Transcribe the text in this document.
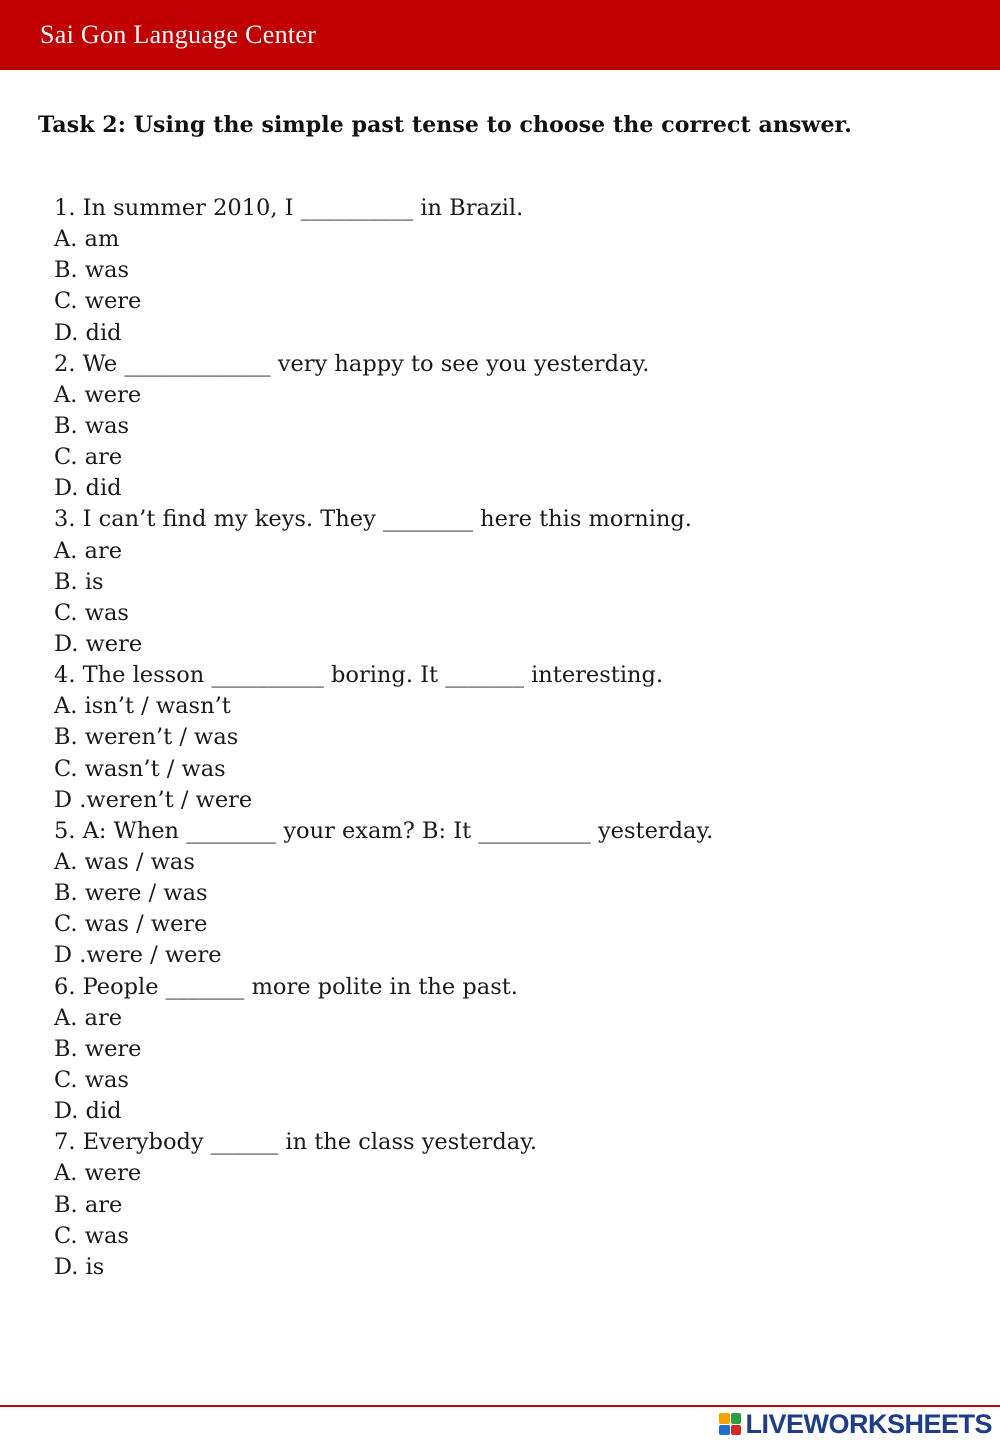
Sai Gon Language Center
Task 2: Using the simple past tense to choose the correct answer.
1. In summer 2010, I __________ in Brazil.
A. am
B. was
C. were
D. did
2. We _____________ very happy to see you yesterday.
A. were
B. was
C. are
D. did
3. I can’t find my keys. They ________ here this morning.
A. are
B. is
C. was
D. were
4. The lesson __________ boring. It _______ interesting.
A. isn’t / wasn’t
B. weren’t / was
C. wasn’t / was
D .weren’t / were
5. A: When ________ your exam? B: It __________ yesterday.
A. was / was
B. were / was
C. was / were
D .were / were
6. People _______ more polite in the past.
A. are
B. were
C. was
D. did
7. Everybody ______ in the class yesterday.
A. were
B. are
C. was
D. is
LIVEWORKSHEETS
